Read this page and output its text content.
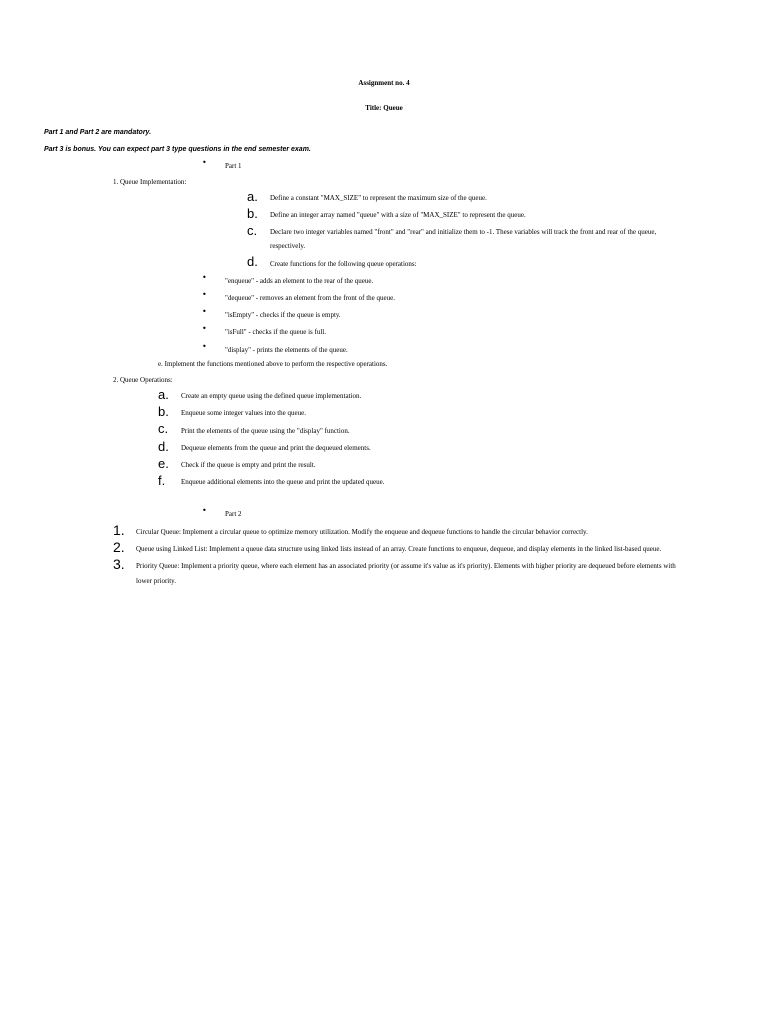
Assignment no. 4
Title: Queue
Part 1 and Part 2 are mandatory.
Part 3 is bonus. You can expect part 3 type questions in the end semester exam.
•	Part 1
1. Queue Implementation:
a. Define a constant "MAX_SIZE" to represent the maximum size of the queue.
b. Define an integer array named "queue" with a size of "MAX_SIZE" to represent the queue.
c. Declare two integer variables named "front" and "rear" and initialize them to -1. These variables will track the front and rear of the queue,
respectively.
d. Create functions for the following queue operations:
•	"enqueue" - adds an element to the rear of the queue.
•	"dequeue" - removes an element from the front of the queue.
•	"isEmpty" - checks if the queue is empty.
•	"isFull" - checks if the queue is full.
•	"display" - prints the elements of the queue.
e. Implement the functions mentioned above to perform the respective operations.
2. Queue Operations:
a. Create an empty queue using the defined queue implementation.
b. Enqueue some integer values into the queue.
c. Print the elements of the queue using the "display" function.
d. Dequeue elements from the queue and print the dequeued elements.
e. Check if the queue is empty and print the result.
f. Enqueue additional elements into the queue and print the updated queue.
•	Part 2
1. Circular Queue: Implement a circular queue to optimize memory utilization. Modify the enqueue and dequeue functions to handle the circular behavior correctly.
2. Queue using Linked List: Implement a queue data structure using linked lists instead of an array. Create functions to enqueue, dequeue, and display elements in the linked list-based queue.
3. Priority Queue: Implement a priority queue, where each element has an associated priority (or assume it's value as it's priority). Elements with higher priority are dequeued before elements with
lower priority.
